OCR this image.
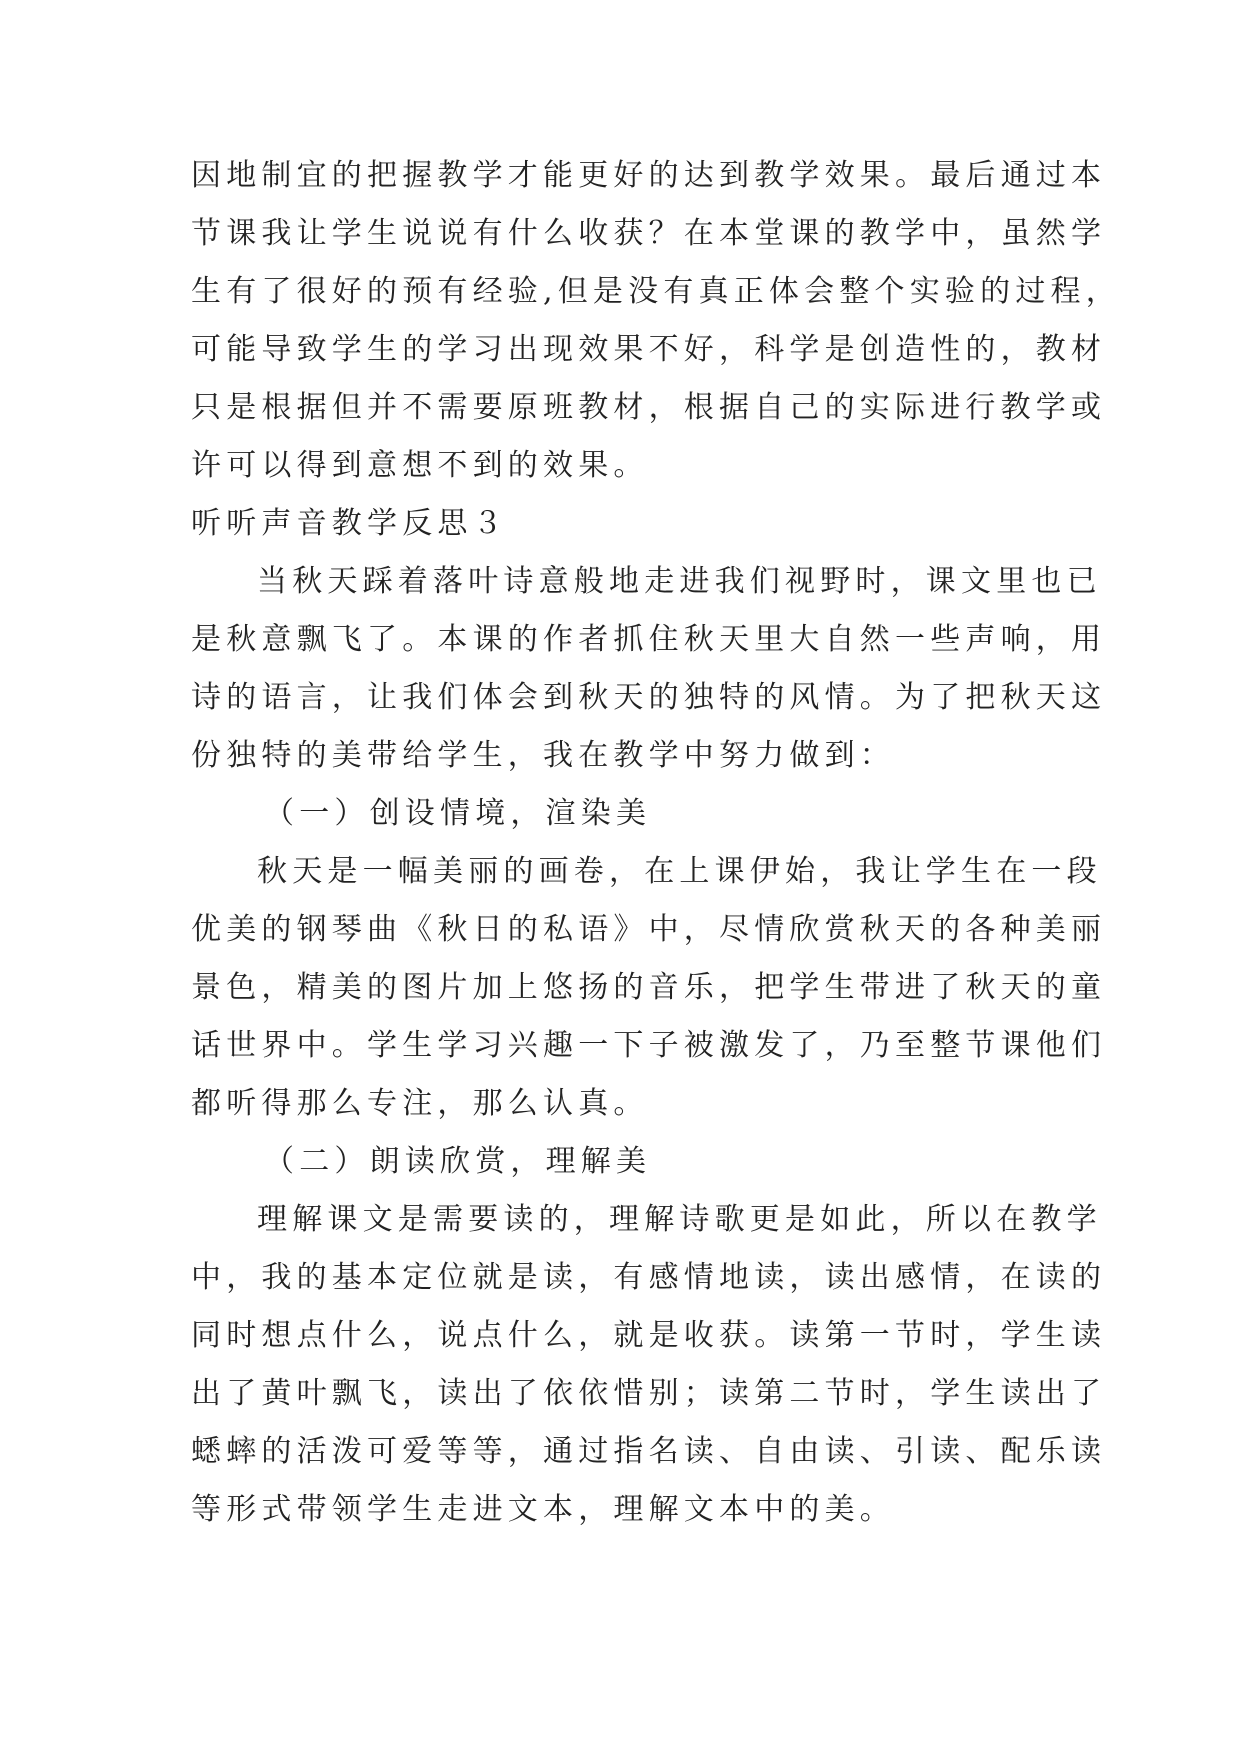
因地制宜的把握教学才能更好的达到教学效果。最后通过本
节课我让学生说说有什么收获？在本堂课的教学中，虽然学
生有了很好的预有经验,但是没有真正体会整个实验的过程，
可能导致学生的学习出现效果不好，科学是创造性的，教材
只是根据但并不需要原班教材，根据自己的实际进行教学或
许可以得到意想不到的效果。
听听声音教学反思３
当秋天踩着落叶诗意般地走进我们视野时，课文里也已
是秋意飘飞了。本课的作者抓住秋天里大自然一些声响，用
诗的语言，让我们体会到秋天的独特的风情。为了把秋天这
份独特的美带给学生，我在教学中努力做到：
（一）创设情境，渲染美
秋天是一幅美丽的画卷，在上课伊始，我让学生在一段
优美的钢琴曲《秋日的私语》中，尽情欣赏秋天的各种美丽
景色，精美的图片加上悠扬的音乐，把学生带进了秋天的童
话世界中。学生学习兴趣一下子被激发了，乃至整节课他们
都听得那么专注，那么认真。
（二）朗读欣赏，理解美
理解课文是需要读的，理解诗歌更是如此，所以在教学
中，我的基本定位就是读，有感情地读，读出感情，在读的
同时想点什么，说点什么，就是收获。读第一节时，学生读
出了黄叶飘飞，读出了依依惜别；读第二节时，学生读出了
蟋蟀的活泼可爱等等，通过指名读、自由读、引读、配乐读
等形式带领学生走进文本，理解文本中的美。
